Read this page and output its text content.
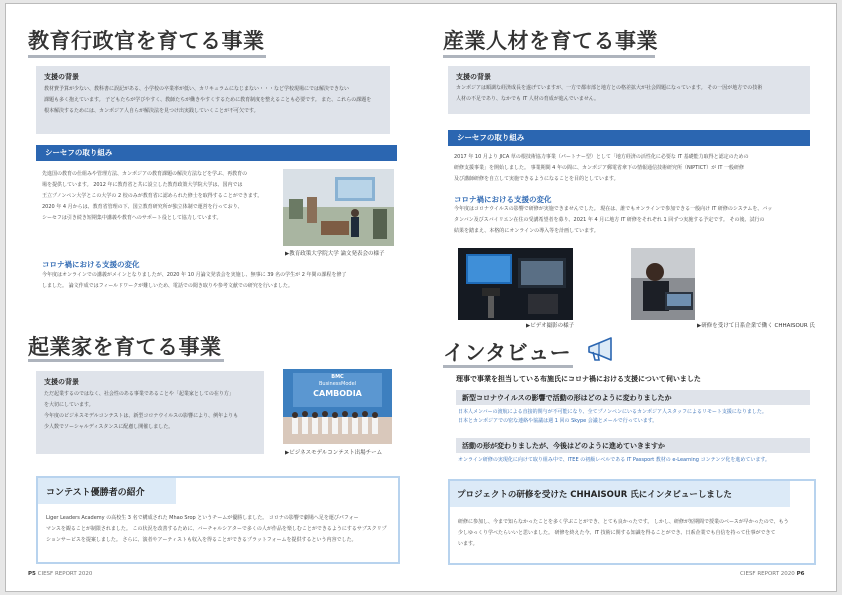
教育行政官を育てる事業
支援の背景
教材費予算が少ない、教科書に誤記がある、小学校の卒業率が低い、カリキュラムになじまない・・・など学校現場にでは解決できない
課題も多く抱えています。 子どもたちが学びやすく、教師たちが働きやすくするために教育制度を整えることも必要です。 また、これらの課題を
根本解決するためには、カンボジア人自らが解決法を見つけ出実践していくことが不可欠です。
シーセフの取り組み
先進国の教育の仕組みや管理方法、カンボジアの教育課題の解決方法などを学ぶ、再教育の
場を提供しています。 2012 年に教育省と共に設立した教育政策大学院大学は、国内では
王立プノンペン大学とこの大学の 2 校のみが教育省に認められた修士を取得することができます。
2020 年 4 月からは、教育省管理の下、国立教育研究所が独立体制で運営を行っており、
シーセフは引き続き短期集中講義や教育へのサポート役として協力しています。
▶教育政策大学院大学 論文発表会の様子
コロナ禍における支援の変化
今年度はオンラインでの講義がメインとなりましたが、2020 年 10 月論文発表会を実施し、無事に 39 名の学生が 2 年間の課程を修了
しました。 論文作成ではフィールドワークが難しいため、電話での聞き取りや参考文献での研究を行いました。
起業家を育てる事業
支援の背景
ただ起業するのではなく、社会性のある事業であることや「起業家としての在り方」
を大切にしています。
今年度のビジネスモデルコンテストは、新型コロナウイルスの影響により、例年よりも
少人数でソーシャルディスタンスに配慮し開催しました。
BMC
BusinessModel
CAMBODIA
▶ビジネスモデルコンテスト出場チーム
コンテスト優勝者の紹介
Liger Leaders Academy の高校生 3 名で構成された Mhao Srop というチームが優勝しました。 コロナの影響で劇場へ足を運びパフォー
マンスを観ることが制限されました。 この状況を改善するために、バーチャルシアターで多くの人が作品を楽しむことができるようにするサブスクリプ
ションサービスを提案しました。 さらに、演者やアーティストも収入を得ることができるプラットフォームを提供するという内容でした。
P5 CIESF REPORT 2020
産業人材を育てる事業
支援の背景
カンボジアは順調な経済成長を遂げていますが、一方で都市部と地方との格差拡大が社会問題になっています。 その一因が地方での技術
人材の不足であり、なかでも IT 人材の育成が進んでいません。
シーセフの取り組み
2017 年 10 月より JICA 草の根技術協力事業（パートナー型）として「地方経済の活性化に必要な IT 基礎能力取得と認定のための
研修支援事業」を開始しました。 事業期間 4 年の間に、カンボジア郵電省傘下の情報通信技術研究所（NIPTICT）が IT 一般研修
及び講師研修を自立して実施できるようになることを目的としています。
コロナ禍における支援の変化
今年度はコロナウイルスの影響で研修が実施できませんでした。 現在は、誰でもオンラインで参加できる一般向け IT 研修のシステムを、バッ
タンバン及びスバイリエン在住の受講希望者を募り、2021 年 4 月に地方 IT 研修をそれぞれ 1 回ずつ実施する予定です。 その後、試行の
結果を踏まえ、本格的にオンラインの導入等を計画しています。
▶ビデオ撮影の様子	▶研修を受けて日系企業で働く CHHAISOUR 氏
インタビュー
理事で事業を担当している布施氏にコロナ禍における支援について伺いました
新型コロナウイルスの影響で活動の形はどのように変わりましたか
日本人メンバーの渡航による直接的関与が不可能になり、全てプノンペンにいるカンボジア人スタッフによるリモート支援になりました。
日本とカンボジアでの密な連絡や協議は週 1 回の Skype 会議とメールで行っています。
活動の形が変わりましたが、今後はどのように進めていきますか
オンライン研修の実現化に向けて取り組み中で、ITEE の初級レベルである IT Passport 教材の e-Learning コンテンツ化を進めています。
プロジェクトの研修を受けた CHHAISOUR 氏にインタビューしました
研修に参加し、今まで知らなかったことを多く学ぶことができ、とても良かったです。 しかし、研修が短期間で授業のペースが早かったので、もう
少しゆっくり学べたらいいと思いました。 研修を終えた今、IT 技術に関する知識を得ることができ、日系企業でも自信を持って仕事ができて
います。
CIESF REPORT 2020 P6
